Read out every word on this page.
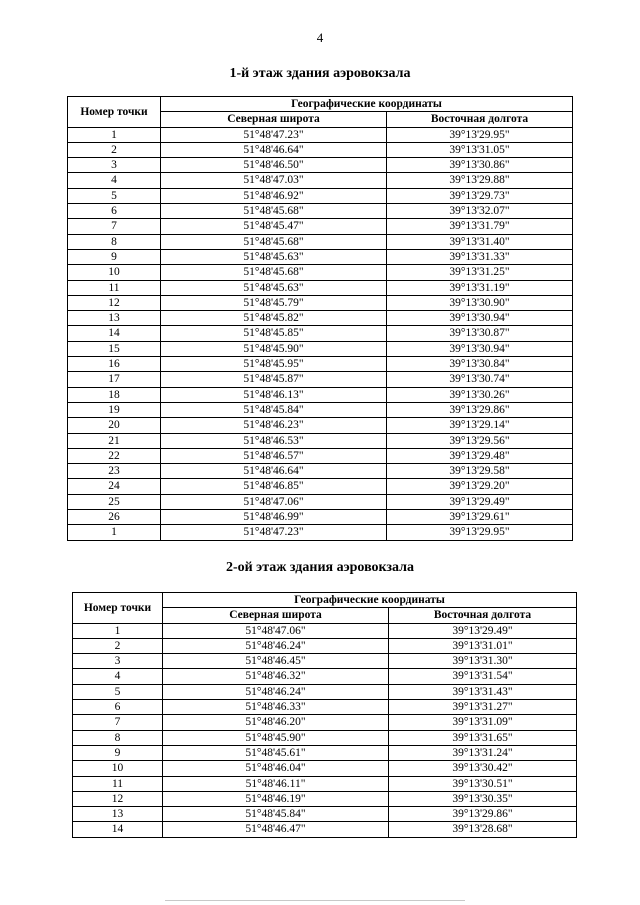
4
1-й этаж здания аэровокзала
Номер точки	Географические координаты	
	Северная широта	Восточная долгота
1	51°48'47.23"	39°13'29.95"
2	51°48'46.64"	39°13'31.05"
3	51°48'46.50"	39°13'30.86"
4	51°48'47.03"	39°13'29.88"
5	51°48'46.92"	39°13'29.73"
6	51°48'45.68"	39°13'32.07"
7	51°48'45.47"	39°13'31.79"
8	51°48'45.68"	39°13'31.40"
9	51°48'45.63"	39°13'31.33"
10	51°48'45.68"	39°13'31.25"
11	51°48'45.63"	39°13'31.19"
12	51°48'45.79"	39°13'30.90"
13	51°48'45.82"	39°13'30.94"
14	51°48'45.85"	39°13'30.87"
15	51°48'45.90"	39°13'30.94"
16	51°48'45.95"	39°13'30.84"
17	51°48'45.87"	39°13'30.74"
18	51°48'46.13"	39°13'30.26"
19	51°48'45.84"	39°13'29.86"
20	51°48'46.23"	39°13'29.14"
21	51°48'46.53"	39°13'29.56"
22	51°48'46.57"	39°13'29.48"
23	51°48'46.64"	39°13'29.58"
24	51°48'46.85"	39°13'29.20"
25	51°48'47.06"	39°13'29.49"
26	51°48'46.99"	39°13'29.61"
1	51°48'47.23"	39°13'29.95"
2-ой этаж здания аэровокзала
Номер точки	Географические координаты	
	Северная широта	Восточная долгота
1	51°48'47.06"	39°13'29.49"
2	51°48'46.24"	39°13'31.01"
3	51°48'46.45"	39°13'31.30"
4	51°48'46.32"	39°13'31.54"
5	51°48'46.24"	39°13'31.43"
6	51°48'46.33"	39°13'31.27"
7	51°48'46.20"	39°13'31.09"
8	51°48'45.90"	39°13'31.65"
9	51°48'45.61"	39°13'31.24"
10	51°48'46.04"	39°13'30.42"
11	51°48'46.11"	39°13'30.51"
12	51°48'46.19"	39°13'30.35"
13	51°48'45.84"	39°13'29.86"
14	51°48'46.47"	39°13'28.68"
